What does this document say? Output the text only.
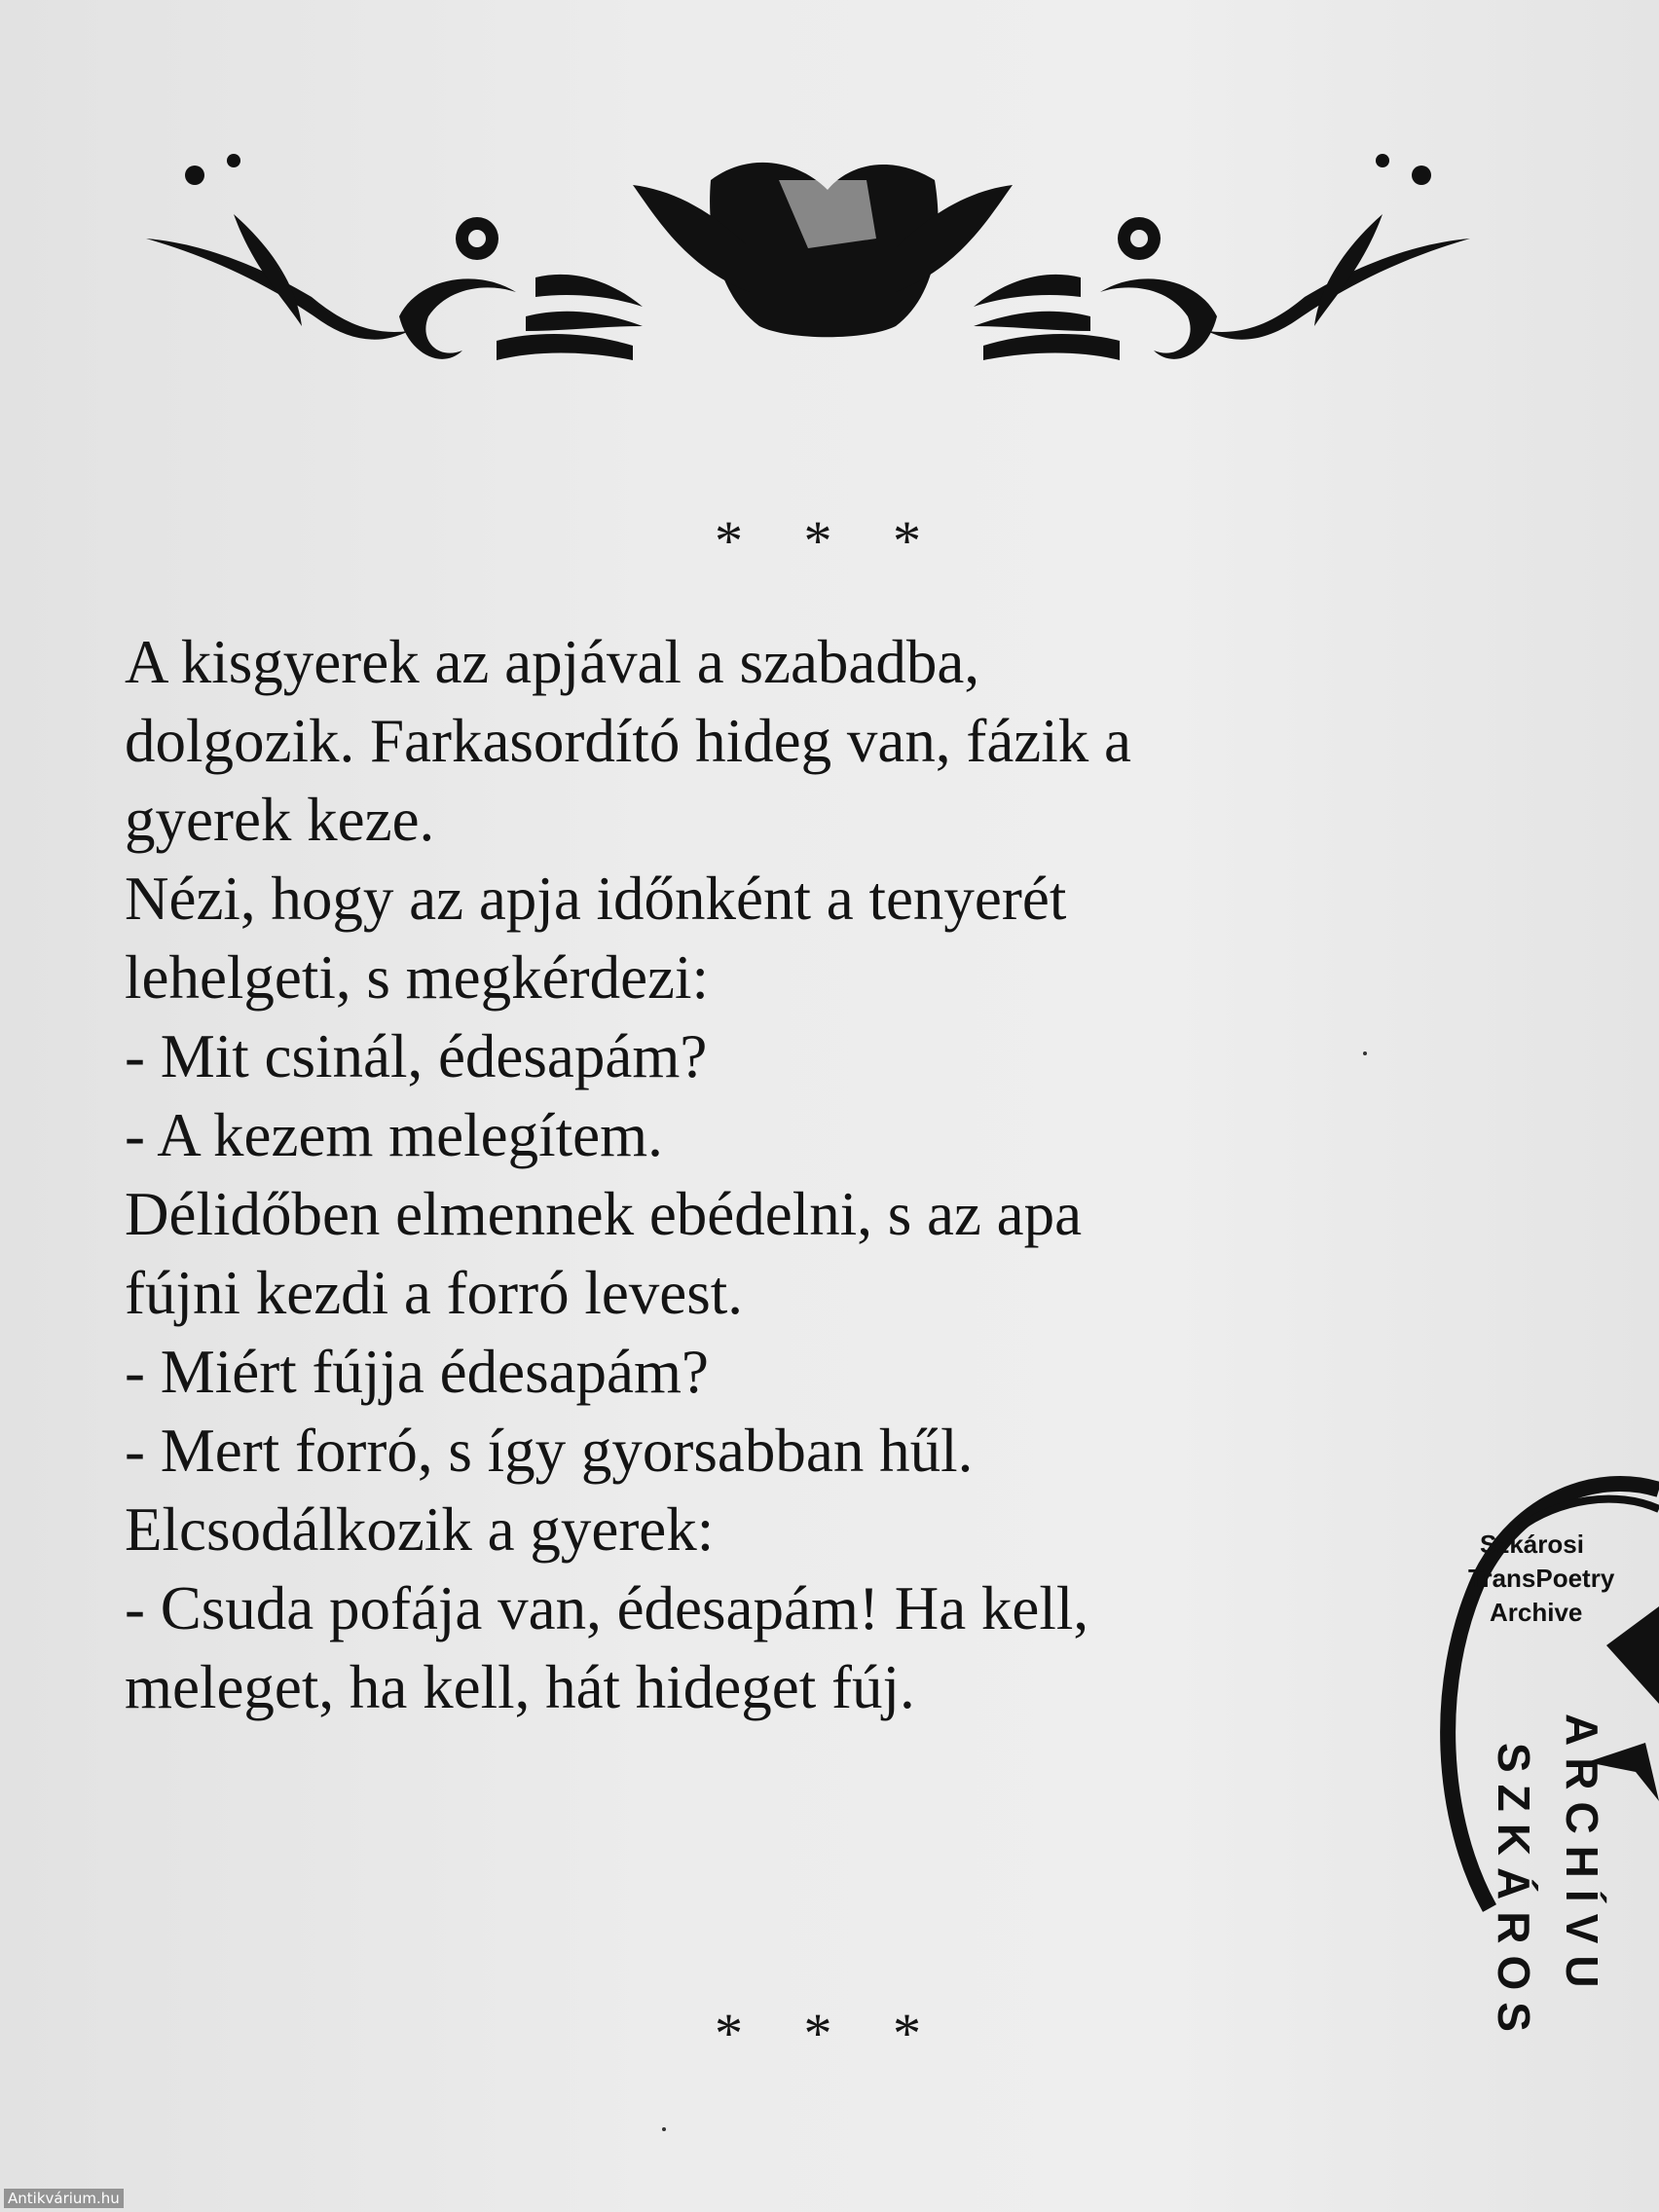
* * *
A kisgyerek az apjával a szabadba,
dolgozik. Farkasordító hideg van, fázik a
gyerek keze.
Nézi, hogy az apja időnként a tenyerét
lehelgeti, s megkérdezi:
- Mit csinál, édesapám?
- A kezem melegítem.
Délidőben elmennek ebédelni, s az apa
fújni kezdi a forró levest.
- Miért fújja édesapám?
- Mert forró, s így gyorsabban hűl.
Elcsodálkozik a gyerek:
- Csuda pofája van, édesapám! Ha kell,
meleget, ha kell, hát hideget fúj.
* * *
Szkárosi
TransPoetry
Archive
SZKÁROS ARCHÍVU
Antikvárium.hu
